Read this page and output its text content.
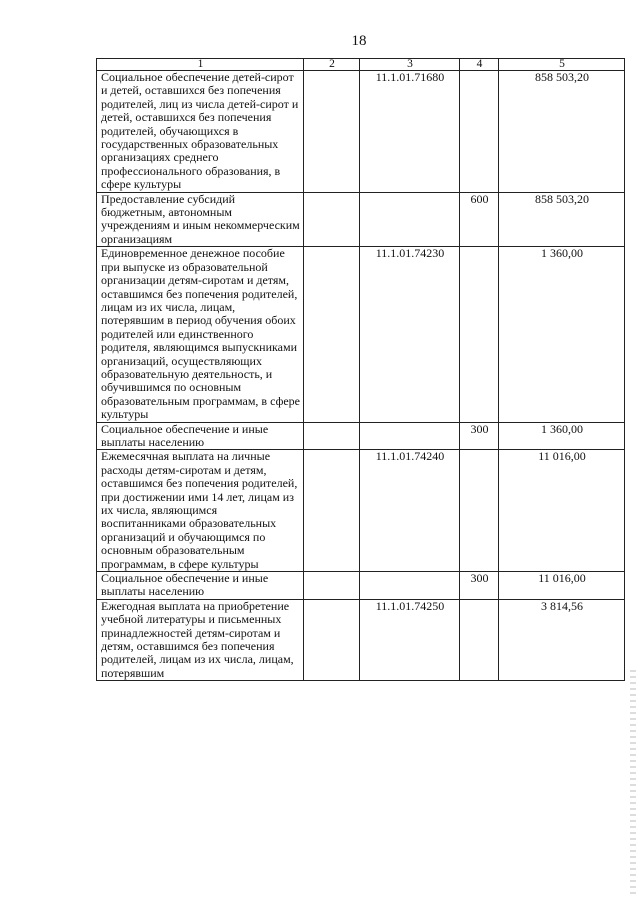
18
1	2	3	4	5
Социальное обеспечение детей-сирот и детей, оставшихся без попечения родителей, лиц из числа детей-сирот и детей, оставшихся без попечения родителей, обучающихся в государственных образовательных организациях среднего профессионального образования, в сфере культуры		11.1.01.71680		858 503,20
Предоставление субсидий бюджетным, автономным учреждениям и иным некоммерческим организациям			600	858 503,20
Единовременное денежное пособие при выпуске из образовательной организации детям-сиротам и детям, оставшимся без попечения родителей, лицам из их числа, лицам, потерявшим в период обучения обоих родителей или единственного родителя, являющимся выпускниками организаций, осуществляющих образовательную деятельность, и обучившимся по основным образовательным программам, в сфере культуры		11.1.01.74230		1 360,00
Социальное обеспечение и иные выплаты населению			300	1 360,00
Ежемесячная выплата на личные расходы детям-сиротам и детям, оставшимся без попечения родителей, при достижении ими 14 лет, лицам из их числа, являющимся воспитанниками образовательных организаций и обучающимся по основным образовательным программам, в сфере культуры		11.1.01.74240		11 016,00
Социальное обеспечение и иные выплаты населению			300	11 016,00
Ежегодная выплата на приобретение учебной литературы и письменных принадлежностей детям-сиротам и детям, оставшимся без попечения родителей, лицам из их числа, лицам, потерявшим		11.1.01.74250		3 814,56
